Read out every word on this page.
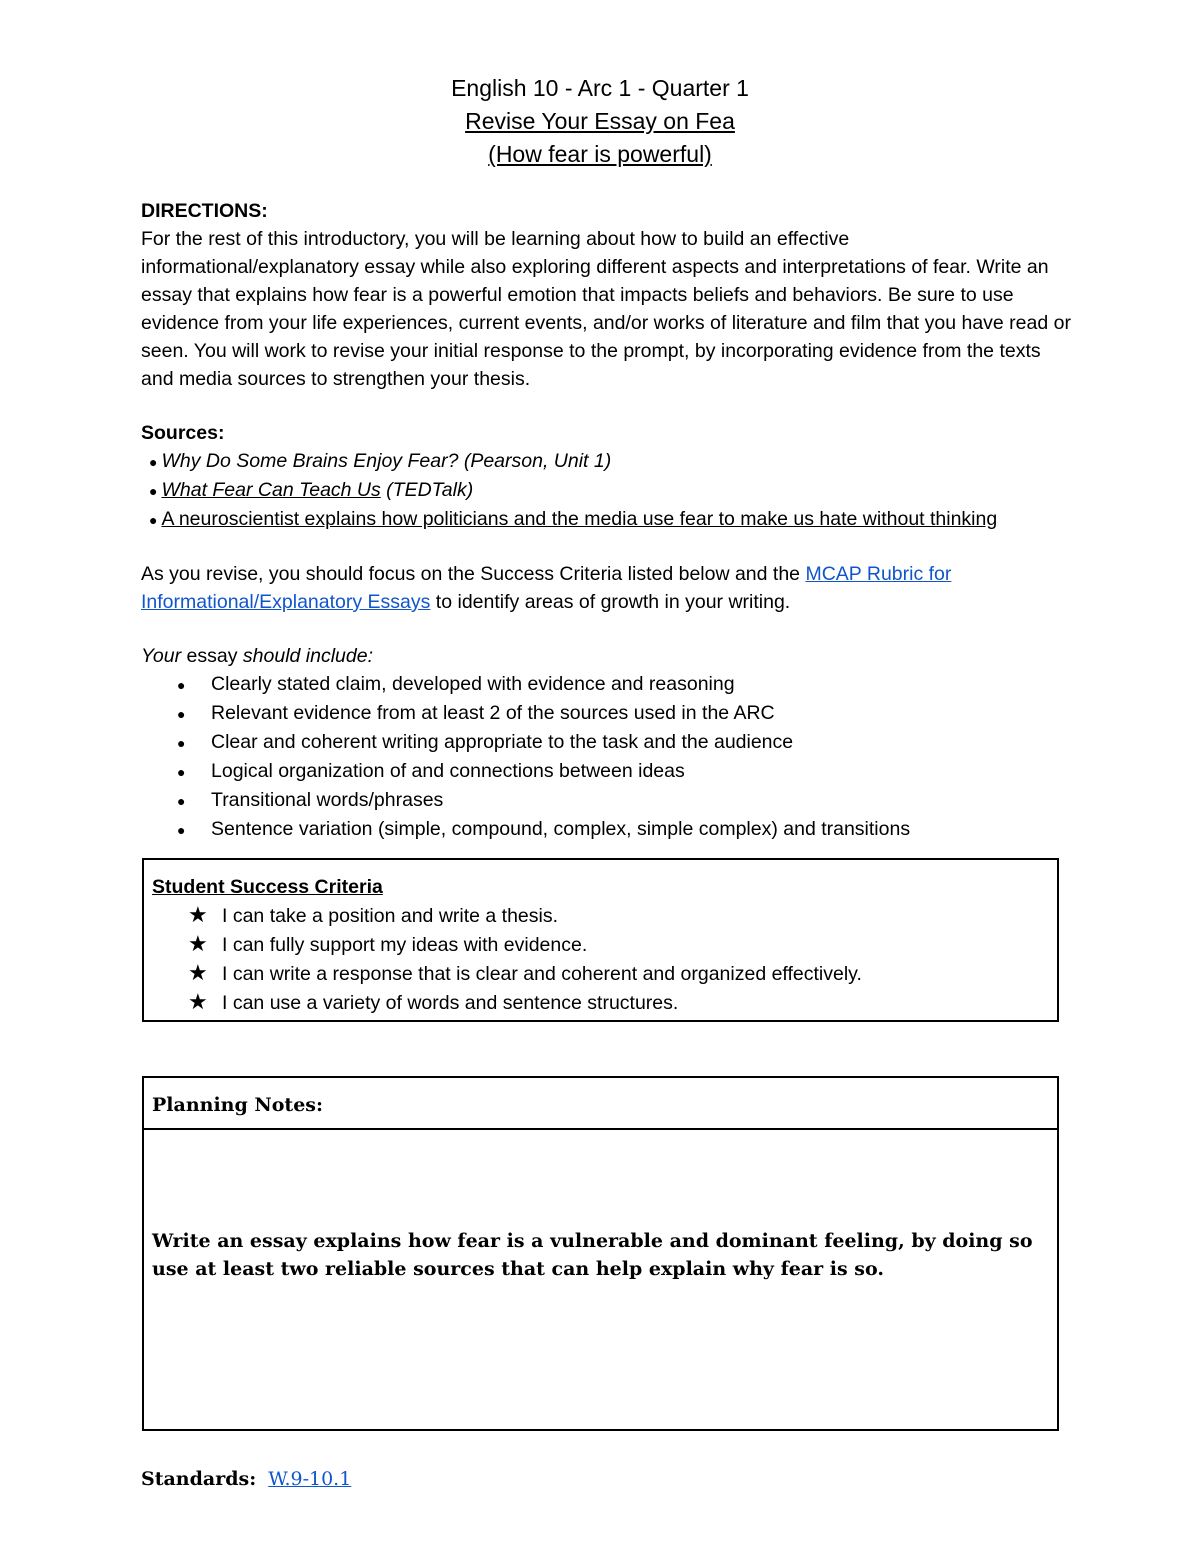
English 10 - Arc 1 - Quarter 1
Revise Your Essay on Fea
(How fear is powerful)

DIRECTIONS:

For the rest of this introductory, you will be learning about how to build an effective informational/explanatory essay while also exploring different aspects and interpretations of fear. Write an essay that explains how fear is a powerful emotion that impacts beliefs and behaviors. Be sure to use evidence from your life experiences, current events, and/or works of literature and film that you have read or seen. You will work to revise your initial response to the prompt, by incorporating evidence from the texts and media sources to strengthen your thesis.

Sources:

● Why Do Some Brains Enjoy Fear? (Pearson, Unit 1)
● What Fear Can Teach Us (TEDTalk)
● A neuroscientist explains how politicians and the media use fear to make us hate without thinking

As you revise, you should focus on the Success Criteria listed below and the MCAP Rubric for Informational/Explanatory Essays to identify areas of growth in your writing.

Your essay should include:

●	Clearly stated claim, developed with evidence and reasoning
●	Relevant evidence from at least 2 of the sources used in the ARC
●	Clear and coherent writing appropriate to the task and the audience
●	Logical organization of and connections between ideas
●	Transitional words/phrases
●	Sentence variation (simple, compound, complex, simple complex) and transitions
Student Success Criteria
★ I can take a position and write a thesis.
★ I can fully support my ideas with evidence.
★ I can write a response that is clear and coherent and organized effectively.
★ I can use a variety of words and sentence structures.
Planning Notes:
Write an essay explains how fear is a vulnerable and dominant feeling, by doing so use at least two reliable sources that can help explain why fear is so.
Standards: W.9-10.1
